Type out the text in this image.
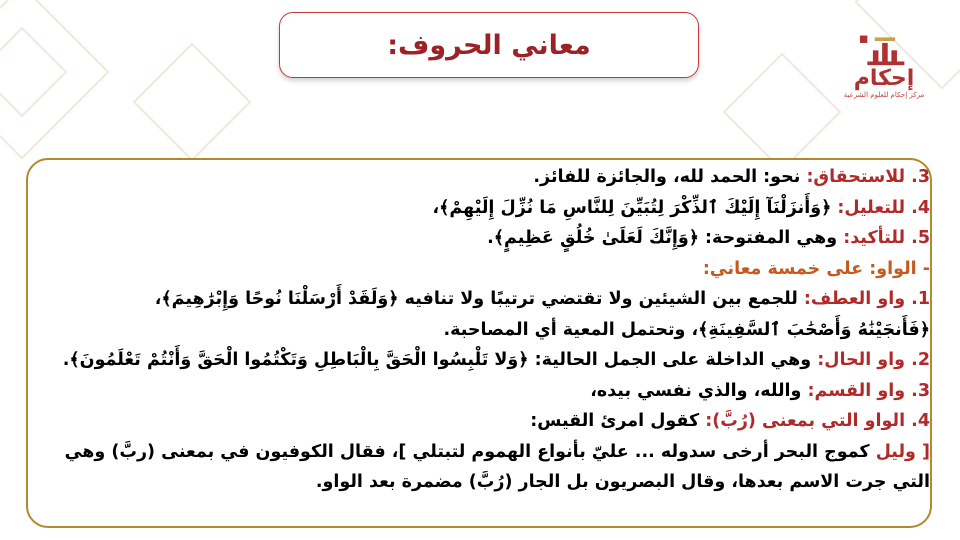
معاني الحروف:
إحكام
مركز إحكام للعلوم الشرعية
3. للاستحقاق: نحو: الحمد لله، والجائزة للفائز.
4. للتعليل: ﴿وَأَنزَلْنَآ إِلَيْكَ ٱلذِّكْرَ لِتُبَيِّنَ لِلنَّاسِ مَا نُزِّلَ إِلَيْهِمْ﴾،
5. للتأكيد: وهي المفتوحة: ﴿وَإِنَّكَ لَعَلَىٰ خُلُقٍ عَظِيمٍ﴾.
- الواو: على خمسة معاني:
1. واو العطف: للجمع بين الشيئين ولا تقتضي ترتيبًا ولا تنافيه ﴿وَلَقَدْ أَرْسَلْنَا نُوحًا وَإِبْرَٰهِيمَ﴾،
﴿فَأَنجَيْنَٰهُ وَأَصْحَٰبَ ٱلسَّفِينَةِ﴾، وتحتمل المعية أي المصاحبة.
2. واو الحال: وهي الداخلة على الجمل الحالية: ﴿وَلا تَلْبِسُوا الْحَقَّ بِالْبَاطِلِ وَتَكْتُمُوا الْحَقَّ وَأَنْتُمْ تَعْلَمُونَ﴾.
3. واو القسم: والله، والذي نفسي بيده،
4. الواو التي بمعنى (رُبَّ): كقول امرئ القيس:
[ وليل كموج البحر أرخى سدوله ... عليّ بأنواع الهموم لتبتلي ]، فقال الكوفيون في بمعنى (ربَّ) وهي
التي جرت الاسم بعدها، وقال البصريون بل الجار (رُبَّ) مضمرة بعد الواو.
